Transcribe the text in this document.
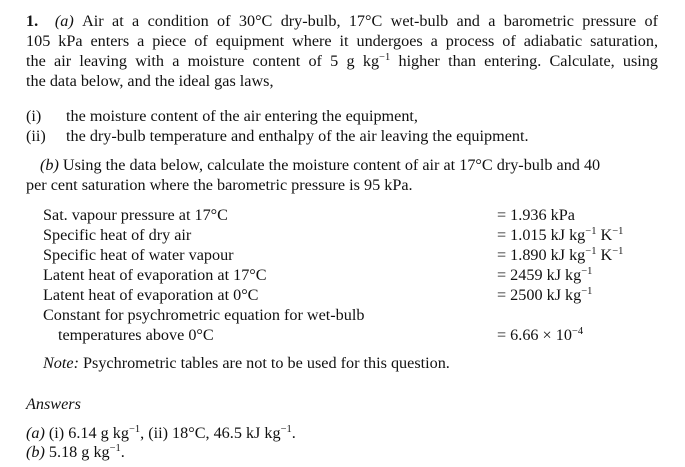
1. (a) Air at a condition of 30°C dry-bulb, 17°C wet-bulb and a barometric pressure of
105 kPa enters a piece of equipment where it undergoes a process of adiabatic saturation,
the air leaving with a moisture content of 5 g $kg^{-1}$ higher than entering. Calculate, using
the data below, and the ideal gas laws,
(i) the moisture content of the air entering the equipment,
(ii) the dry-bulb temperature and enthalpy of the air leaving the equipment.
(b) Using the data below, calculate the moisture content of air at 17°C dry-bulb and 40
per cent saturation where the barometric pressure is 95 kPa.
Sat. vapour pressure at 17°C
Specific heat of dry air
Specific heat of water vapour
Latent heat of evaporation at 17°C
Latent heat of evaporation at 0°C
Constant for psychrometric equation for wet-bulb
temperatures above 0°C
= 1.936 kPa
= 1.015 kJ $kg^{-1}$ $K^{-1}$
= 1.890 kJ $kg^{-1}$ $K^{-1}$
= 2459 kJ $kg^{-1}$
= 2500 kJ $kg^{-1}$
= $6.66 \times 10^{-4}$
Note: Psychrometric tables are not to be used for this question.
Answers
(a) (i) 6.14 g $kg^{-1}$, (ii) 18°C, 46.5 kJ $kg^{-1}$.
(b) 5.18 g $kg^{-1}$.
